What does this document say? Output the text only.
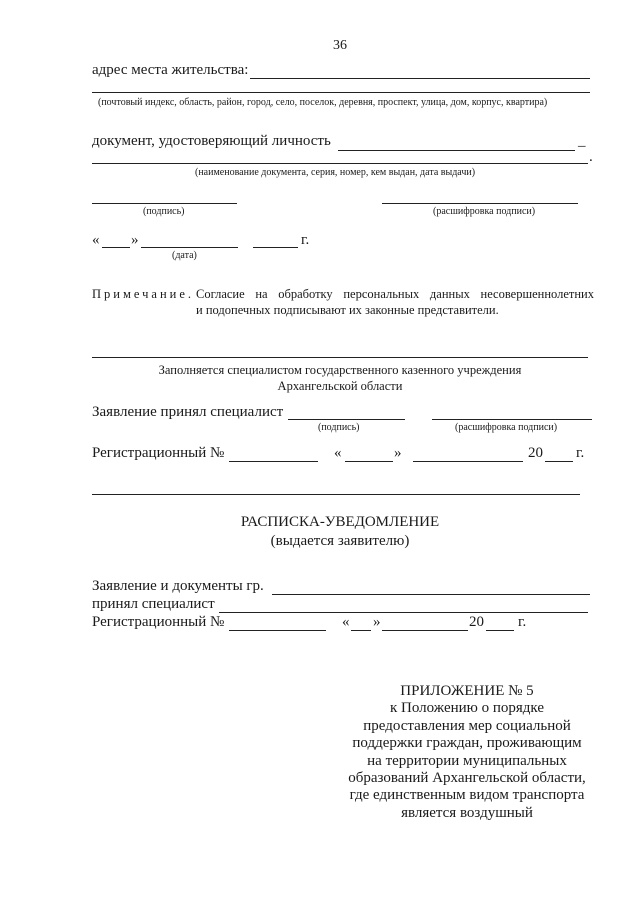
36
адрес места жительства:
(почтовый индекс, область, район, город, село, поселок, деревня, проспект, улица, дом, корпус, квартира)
документ, удостоверяющий личность	_
.
(наименование документа, серия, номер, кем выдан, дата выдачи)
(подпись)	(расшифровка подписи)
« »	г.
(дата)
Примечание. Согласие на обработку персональных данных несовершеннолетних
и подопечных подписывают их законные представители.
Заполняется специалистом государственного казенного учреждения
Архангельской области
Заявление принял специалист
(подпись)	(расшифровка подписи)
Регистрационный №	«	»	20 г.
РАСПИСКА-УВЕДОМЛЕНИЕ
(выдается заявителю)
Заявление и документы гр.
принял специалист
Регистрационный №	« »	20 г.
ПРИЛОЖЕНИЕ № 5
к Положению о порядке
предоставления мер социальной
поддержки граждан, проживающим
на территории муниципальных
образований Архангельской области,
где единственным видом транспорта
является воздушный
